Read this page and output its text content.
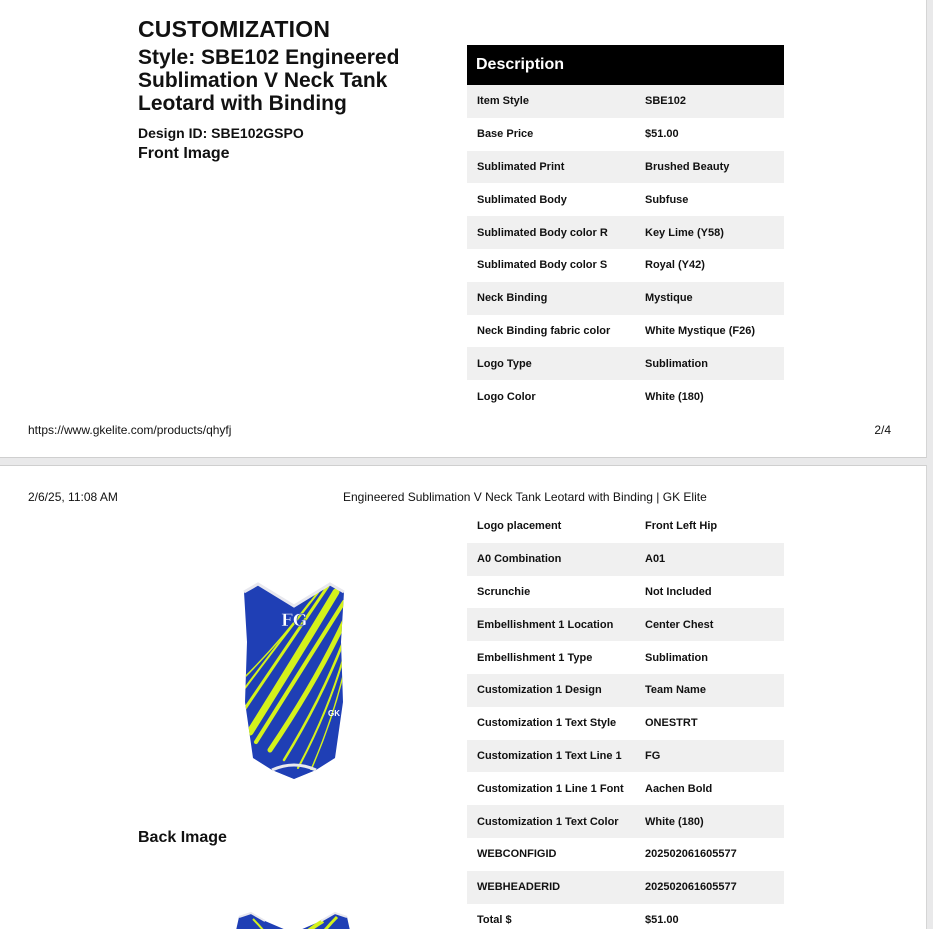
CUSTOMIZATION
Style: SBE102 Engineered Sublimation V Neck Tank Leotard with Binding
Design ID: SBE102GSPO
Front Image
Description
Item Style	SBE102
Base Price	$51.00
Sublimated Print	Brushed Beauty
Sublimated Body	Subfuse
Sublimated Body color R	Key Lime (Y58)
Sublimated Body color S	Royal (Y42)
Neck Binding	Mystique
Neck Binding fabric color	White Mystique (F26)
Logo Type	Sublimation
Logo Color	White (180)
https://www.gkelite.com/products/qhyfj	2/4
2/6/25, 11:08 AM	Engineered Sublimation V Neck Tank Leotard with Binding | GK Elite
FG
GK
Back Image
Logo placement	Front Left Hip
A0 Combination	A01
Scrunchie	Not Included
Embellishment 1 Location	Center Chest
Embellishment 1 Type	Sublimation
Customization 1 Design	Team Name
Customization 1 Text Style	ONESTRT
Customization 1 Text Line 1	FG
Customization 1 Line 1 Font	Aachen Bold
Customization 1 Text Color	White (180)
WEBCONFIGID	202502061605577
WEBHEADERID	202502061605577
Total $	$51.00
